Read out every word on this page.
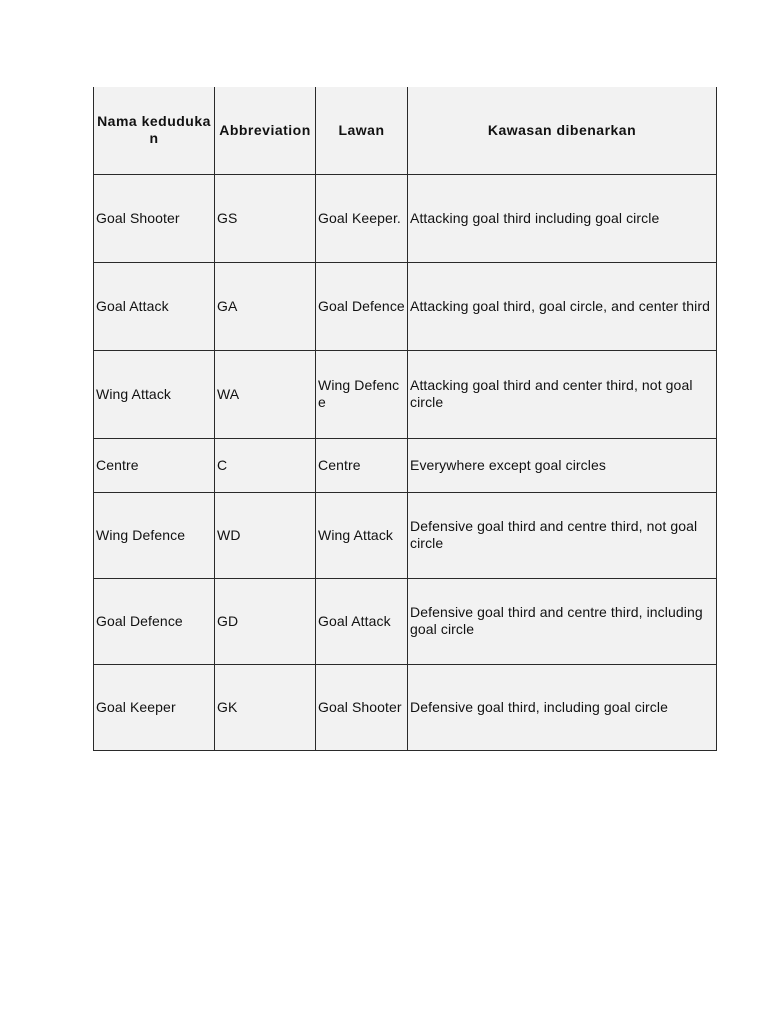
Nama kedudukan	Abbreviation	Lawan	Kawasan dibenarkan
Goal Shooter	GS	Goal Keeper.	Attacking goal third including goal circle
Goal Attack	GA	Goal Defence	Attacking goal third, goal circle, and center third
Wing Attack	WA	Wing Defence	Attacking goal third and center third, not goal circle
Centre	C	Centre	Everywhere except goal circles
Wing Defence	WD	Wing Attack	Defensive goal third and centre third, not goal circle
Goal Defence	GD	Goal Attack	Defensive goal third and centre third, including goal circle
Goal Keeper	GK	Goal Shooter	Defensive goal third, including goal circle
